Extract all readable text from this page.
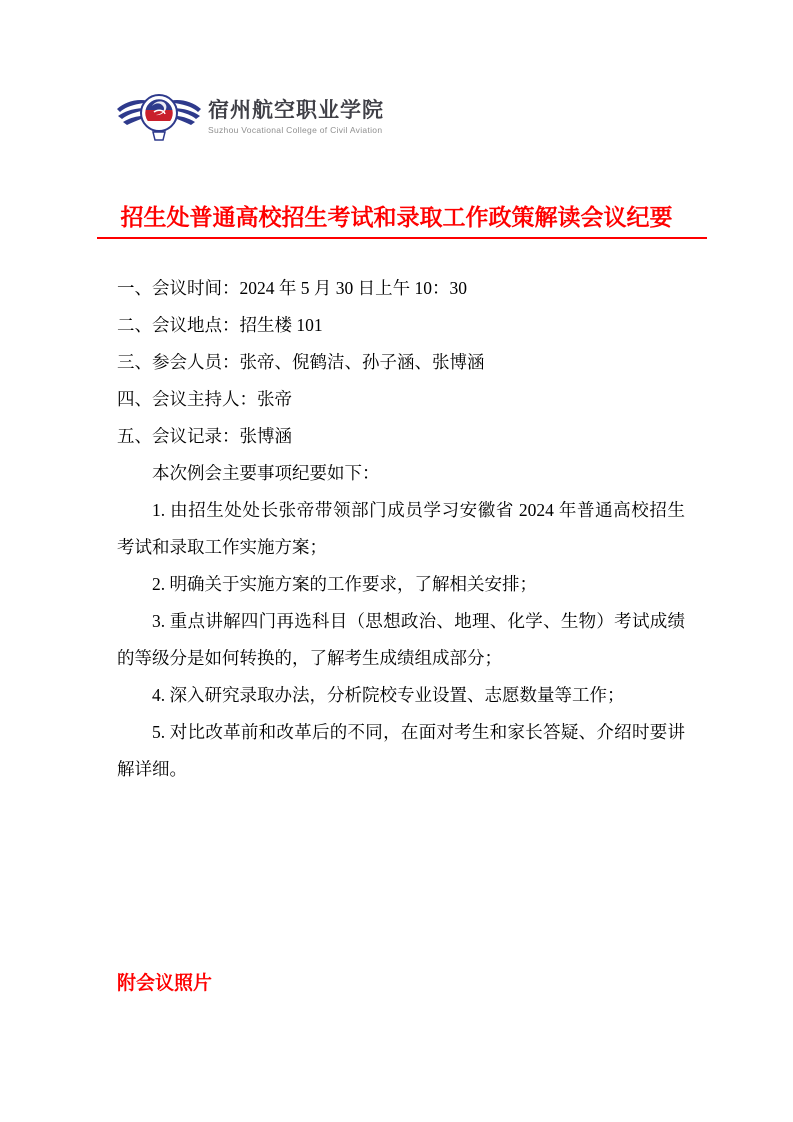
宿州航空职业学院
Suzhou Vocational College of Civil Aviation
招生处普通高校招生考试和录取工作政策解读会议纪要

一、会议时间：2024 年 5 月 30 日上午 10：30

二、会议地点：招生楼 101

三、参会人员：张帝、倪鹤洁、孙子涵、张博涵

四、会议主持人：张帝

五、会议记录：张博涵

本次例会主要事项纪要如下：

1. 由招生处处长张帝带领部门成员学习安徽省 2024 年普通高校招生考试和录取工作实施方案；

2. 明确关于实施方案的工作要求，了解相关安排；

3. 重点讲解四门再选科目（思想政治、地理、化学、生物）考试成绩的等级分是如何转换的，了解考生成绩组成部分；

4. 深入研究录取办法，分析院校专业设置、志愿数量等工作；

5. 对比改革前和改革后的不同，在面对考生和家长答疑、介绍时要讲解详细。

附会议照片
